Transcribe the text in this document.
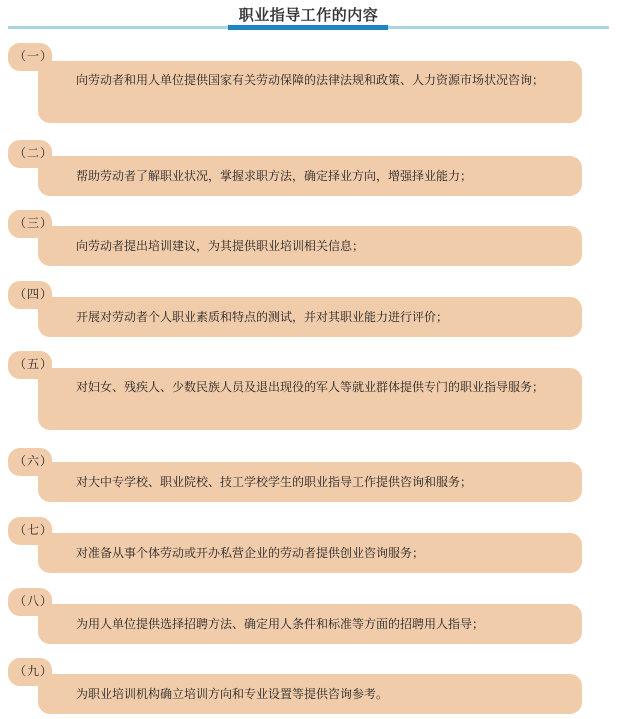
职业指导工作的内容
向劳动者和用人单位提供国家有关劳动保障的法律法规和政策、人力资源市场状况咨询；
（一）
帮助劳动者了解职业状况，掌握求职方法，确定择业方向，增强择业能力；
（二）
向劳动者提出培训建议，为其提供职业培训相关信息；
（三）
开展对劳动者个人职业素质和特点的测试，并对其职业能力进行评价；
（四）
对妇女、残疾人、少数民族人员及退出现役的军人等就业群体提供专门的职业指导服务；
（五）
对大中专学校、职业院校、技工学校学生的职业指导工作提供咨询和服务；
（六）
对准备从事个体劳动或开办私营企业的劳动者提供创业咨询服务；
（七）
为用人单位提供选择招聘方法、确定用人条件和标准等方面的招聘用人指导；
（八）
为职业培训机构确立培训方向和专业设置等提供咨询参考。
（九）
